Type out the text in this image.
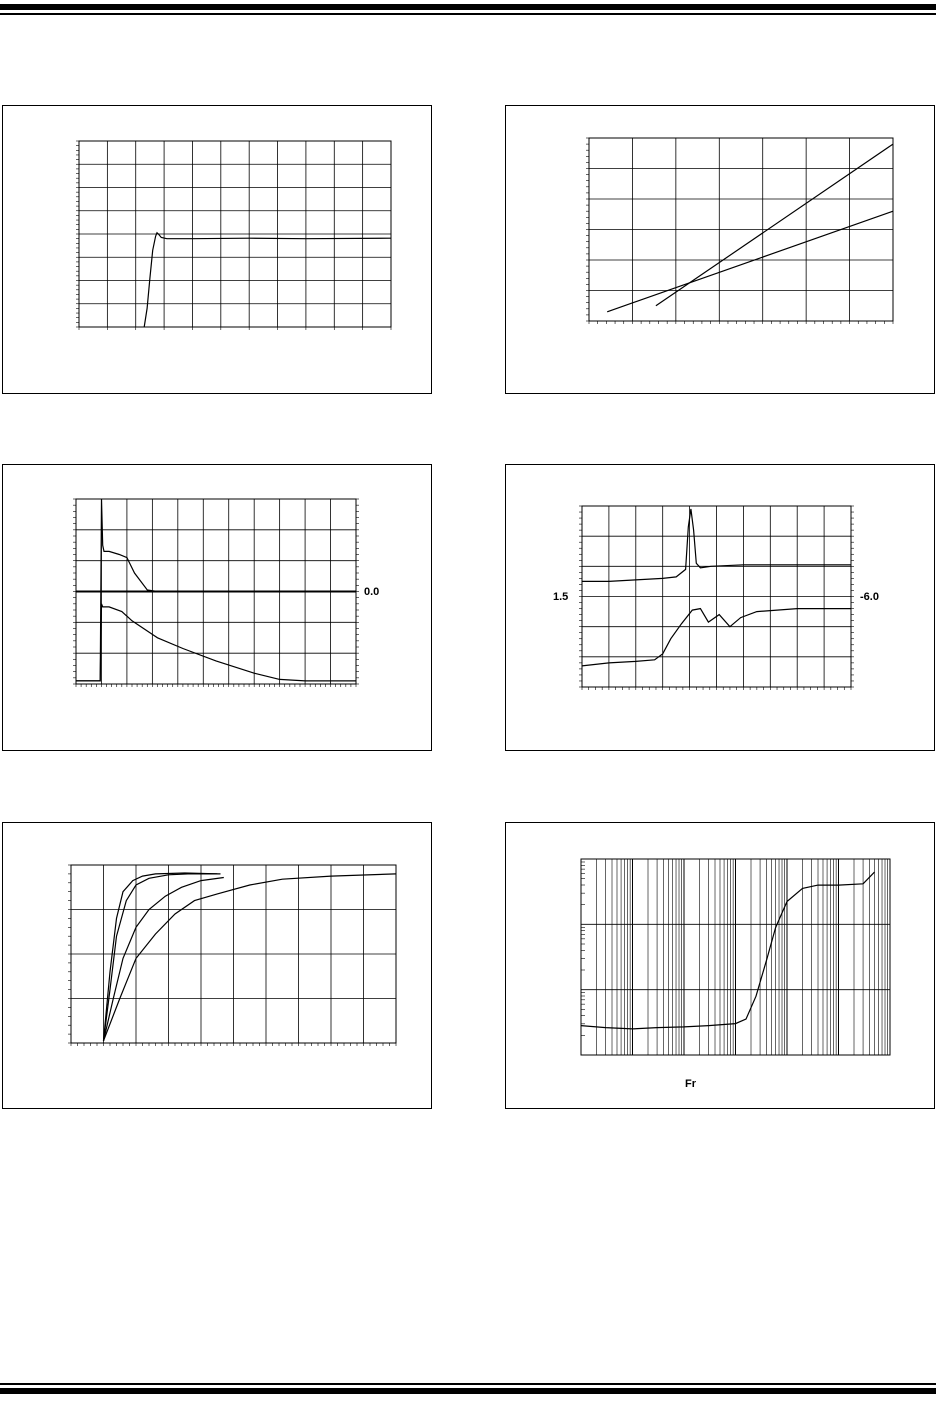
0.0	1.5	-6.0
Fr
